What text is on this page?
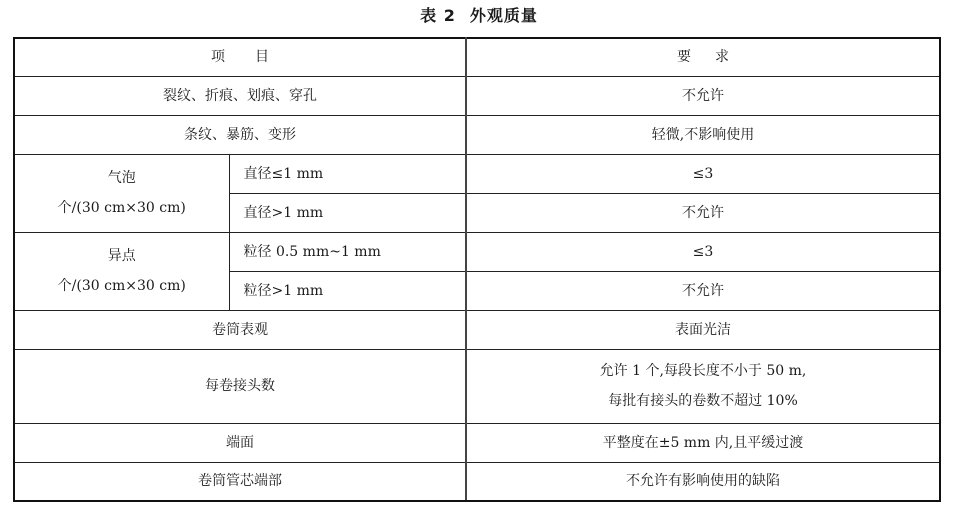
表 2 外观质量
项目		要求
裂纹、折痕、划痕、穿孔		不允许
条纹、暴筋、变形		轻微,不影响使用

气泡
个/(30 cm×30 cm)	直径≤1 mm	≤3
	直径>1 mm	不允许

异点
个/(30 cm×30 cm)	粒径 0.5 mm~1 mm	≤3
	粒径>1 mm	不允许
卷筒表观		表面光洁
每卷接头数		允许 1 个,每段长度不小于 50 m,
每批有接头的卷数不超过 10%

端面		平整度在±5 mm 内,且平缓过渡
卷筒管芯端部		不允许有影响使用的缺陷
